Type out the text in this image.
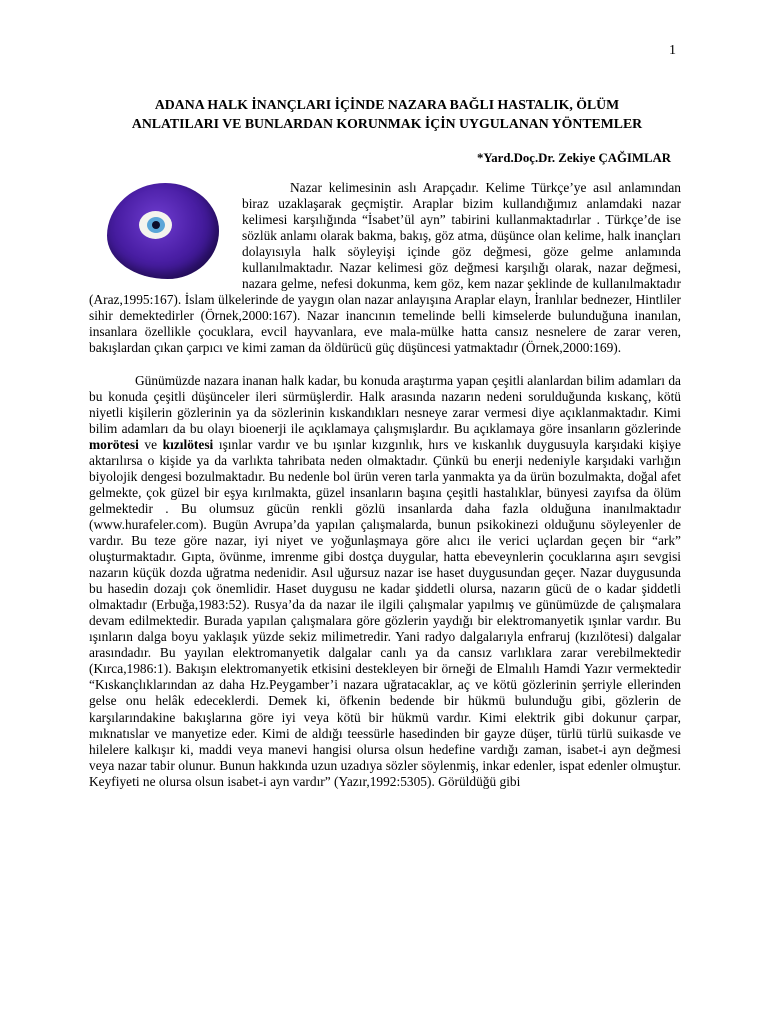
1
ADANA HALK İNANÇLARI İÇİNDE NAZARA BAĞLI HASTALIK, ÖLÜM
ANLATILARI VE BUNLARDAN KORUNMAK İÇİN UYGULANAN YÖNTEMLER
*Yard.Doç.Dr. Zekiye ÇAĞIMLAR

Nazar kelimesinin aslı Arapçadır. Kelime Türkçe’ye asıl anlamından biraz uzaklaşarak geçmiştir. Araplar bizim kullandığımız anlamdaki nazar kelimesi karşılığında “İsabet’ül ayn” tabirini kullanmaktadırlar . Türkçe’de ise sözlük anlamı olarak bakma, bakış, göz atma, düşünce olan kelime, halk inançları dolayısıyla halk söyleyişi içinde göz değmesi, göze gelme anlamında kullanılmaktadır. Nazar kelimesi göz değmesi karşılığı olarak, nazar değmesi, nazara gelme, nefesi dokunma, kem göz, kem nazar şeklinde de kullanılmaktadır (Araz,1995:167). İslam ülkelerinde de yaygın olan nazar anlayışına Araplar elayn, İranlılar bednezer, Hintliler sihir demektedirler (Örnek,2000:167). Nazar inancının temelinde belli kimselerde bulunduğuna inanılan, insanlara özellikle çocuklara, evcil hayvanlara, eve mala-mülke hatta cansız nesnelere de zarar veren, bakışlardan çıkan çarpıcı ve kimi zaman da öldürücü güç düşüncesi yatmaktadır (Örnek,2000:169).

Günümüzde nazara inanan halk kadar, bu konuda araştırma yapan çeşitli alanlardan bilim adamları da bu konuda çeşitli düşünceler ileri sürmüşlerdir. Halk arasında nazarın nedeni sorulduğunda kıskanç, kötü niyetli kişilerin gözlerinin ya da sözlerinin kıskandıkları nesneye zarar vermesi diye açıklanmaktadır. Kimi bilim adamları da bu olayı bioenerji ile açıklamaya çalışmışlardır. Bu açıklamaya göre insanların gözlerinde morötesi ve kızılötesi ışınlar vardır ve bu ışınlar kızgınlık, hırs ve kıskanlık duygusuyla karşıdaki kişiye aktarılırsa o kişide ya da varlıkta tahribata neden olmaktadır. Çünkü bu enerji nedeniyle karşıdaki varlığın biyolojik dengesi bozulmaktadır. Bu nedenle bol ürün veren tarla yanmakta ya da ürün bozulmakta, doğal afet gelmekte, çok güzel bir eşya kırılmakta, güzel insanların başına çeşitli hastalıklar, bünyesi zayıfsa da ölüm gelmektedir . Bu olumsuz gücün renkli gözlü insanlarda daha fazla olduğuna inanılmaktadır (www.hurafeler.com). Bugün Avrupa’da yapılan çalışmalarda, bunun psikokinezi olduğunu söyleyenler de vardır. Bu teze göre nazar, iyi niyet ve yoğunlaşmaya göre alıcı ile verici uçlardan geçen bir “ark” oluşturmaktadır. Gıpta, övünme, imrenme gibi dostça duygular, hatta ebeveynlerin çocuklarına aşırı sevgisi nazarın küçük dozda uğratma nedenidir. Asıl uğursuz nazar ise haset duygusundan geçer. Nazar duygusunda bu hasedin dozajı çok önemlidir. Haset duygusu ne kadar şiddetli olursa, nazarın gücü de o kadar şiddetli olmaktadır (Erbuğa,1983:52). Rusya’da da nazar ile ilgili çalışmalar yapılmış ve günümüzde de çalışmalara devam edilmektedir. Burada yapılan çalışmalara göre gözlerin yaydığı bir elektromanyetik ışınlar vardır. Bu ışınların dalga boyu yaklaşık yüzde sekiz milimetredir. Yani radyo dalgalarıyla enfraruj (kızılötesi) dalgalar arasındadır. Bu yayılan elektromanyetik dalgalar canlı ya da cansız varlıklara zarar verebilmektedir (Kırca,1986:1). Bakışın elektromanyetik etkisini destekleyen bir örneği de Elmalılı Hamdi Yazır vermektedir “Kıskançlıklarından az daha Hz.Peygamber’i nazara uğratacaklar, aç ve kötü gözlerinin şerriyle ellerinden gelse onu helâk edeceklerdi. Demek ki, öfkenin bedende bir hükmü bulunduğu gibi, gözlerin de karşılarındakine bakışlarına göre iyi veya kötü bir hükmü vardır. Kimi elektrik gibi dokunur çarpar, mıknatıslar ve manyetize eder. Kimi de aldığı teessürle hasedinden bir gayze düşer, türlü türlü suikasde ve hilelere kalkışır ki, maddi veya manevi hangisi olursa olsun hedefine vardığı zaman, isabet-i ayn değmesi veya nazar tabir olunur. Bunun hakkında uzun uzadıya sözler söylenmiş, inkar edenler, ispat edenler olmuştur. Keyfiyeti ne olursa olsun isabet-i ayn vardır” (Yazır,1992:5305). Görüldüğü gibi
